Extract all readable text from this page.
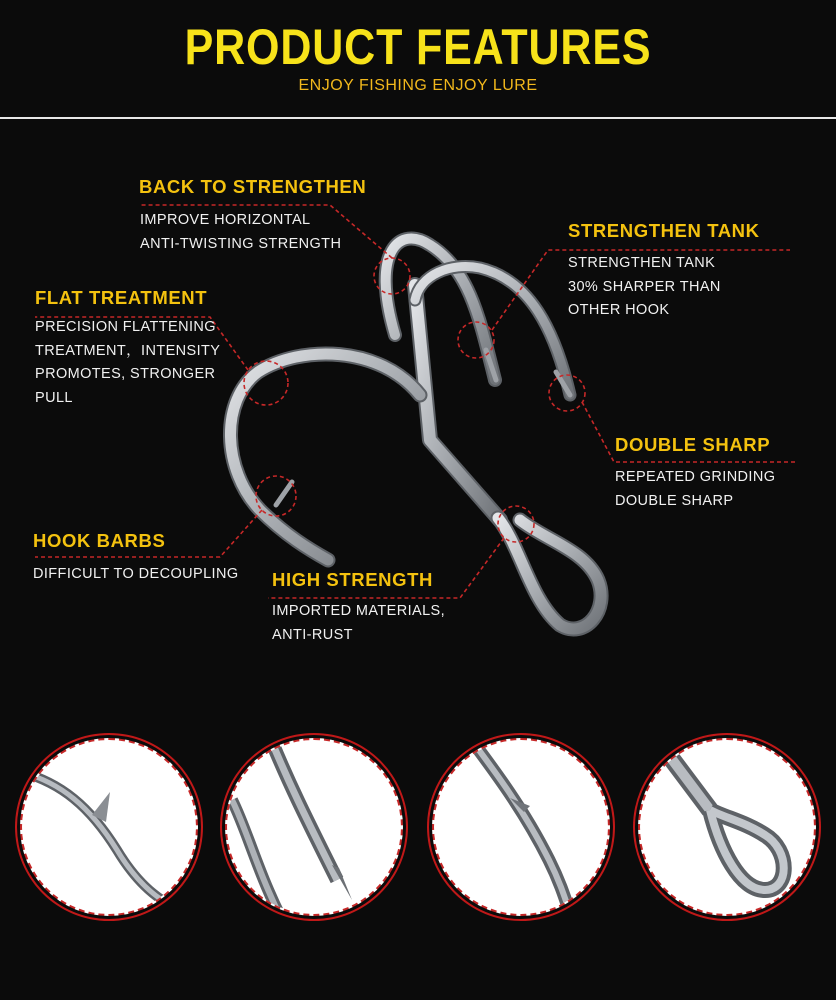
PRODUCT FEATURES
ENJOY FISHING ENJOY LURE
BACK TO STRENGTHEN
IMPROVE HORIZONTAL
ANTI-TWISTING STRENGTH
STRENGTHEN TANK
STRENGTHEN TANK
30% SHARPER THAN
OTHER HOOK
FLAT TREATMENT
PRECISION FLATTENING
TREATMENT，INTENSITY
PROMOTES, STRONGER
PULL
DOUBLE SHARP
REPEATED GRINDING
DOUBLE SHARP
HOOK BARBS
DIFFICULT TO DECOUPLING HIGH STRENGTH
IMPORTED MATERIALS,
ANTI-RUST
